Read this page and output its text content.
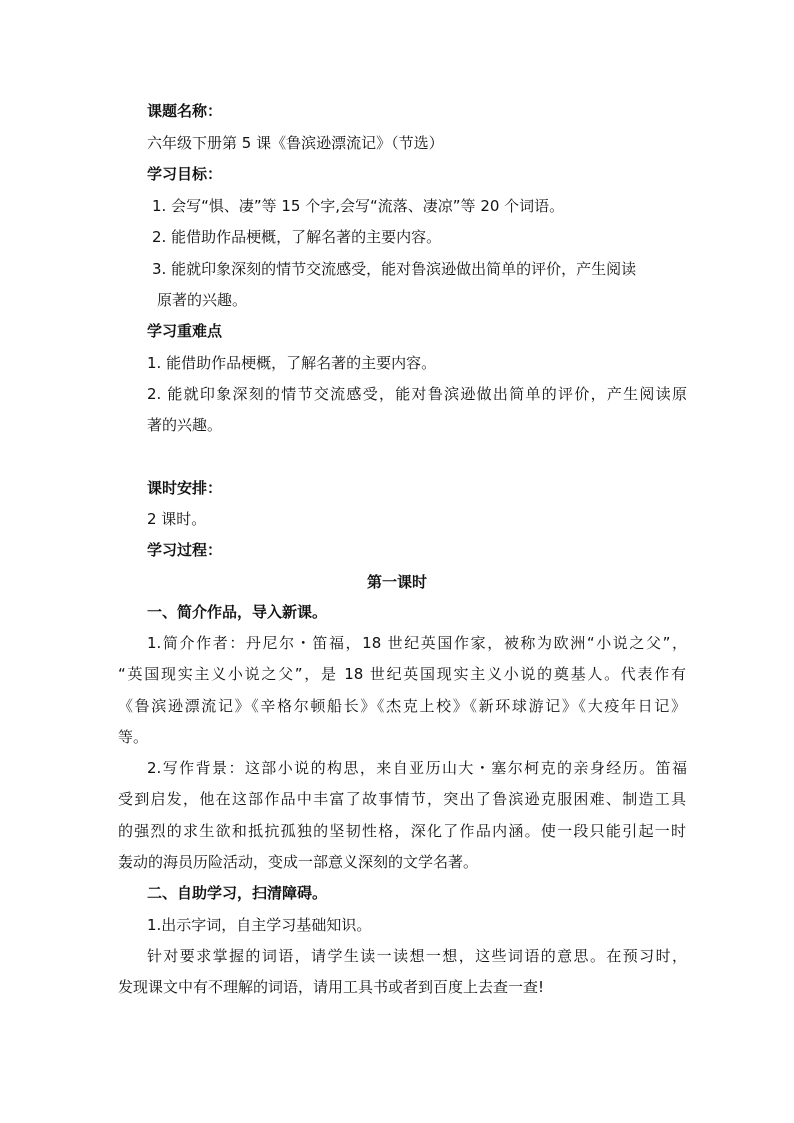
课题名称：
六年级下册第 5 课《鲁滨逊漂流记》（节选）
学习目标：
1. 会写“惧、凄”等 15 个字,会写“流落、凄凉”等 20 个词语。
2. 能借助作品梗概，了解名著的主要内容。
3. 能就印象深刻的情节交流感受，能对鲁滨逊做出简单的评价，产生阅读
原著的兴趣。
学习重难点
1. 能借助作品梗概，了解名著的主要内容。
2. 能就印象深刻的情节交流感受，能对鲁滨逊做出简单的评价，产生阅读原
著的兴趣。
课时安排：
2 课时。
学习过程：
第一课时
一、简介作品，导入新课。
1.简介作者：丹尼尔・笛福，18 世纪英国作家，被称为欧洲“小说之父”，
“英国现实主义小说之父”，是 18 世纪英国现实主义小说的奠基人。代表作有
《鲁滨逊漂流记》《辛格尔顿船长》《杰克上校》《新环球游记》《大疫年日记》
等。
2.写作背景：这部小说的构思，来自亚历山大・塞尔柯克的亲身经历。笛福
受到启发，他在这部作品中丰富了故事情节，突出了鲁滨逊克服困难、制造工具
的强烈的求生欲和抵抗孤独的坚韧性格，深化了作品内涵。使一段只能引起一时
轰动的海员历险活动，变成一部意义深刻的文学名著。
二、自助学习，扫清障碍。
1.出示字词，自主学习基础知识。
针对要求掌握的词语，请学生读一读想一想，这些词语的意思。在预习时，
发现课文中有不理解的词语，请用工具书或者到百度上去查一查!
